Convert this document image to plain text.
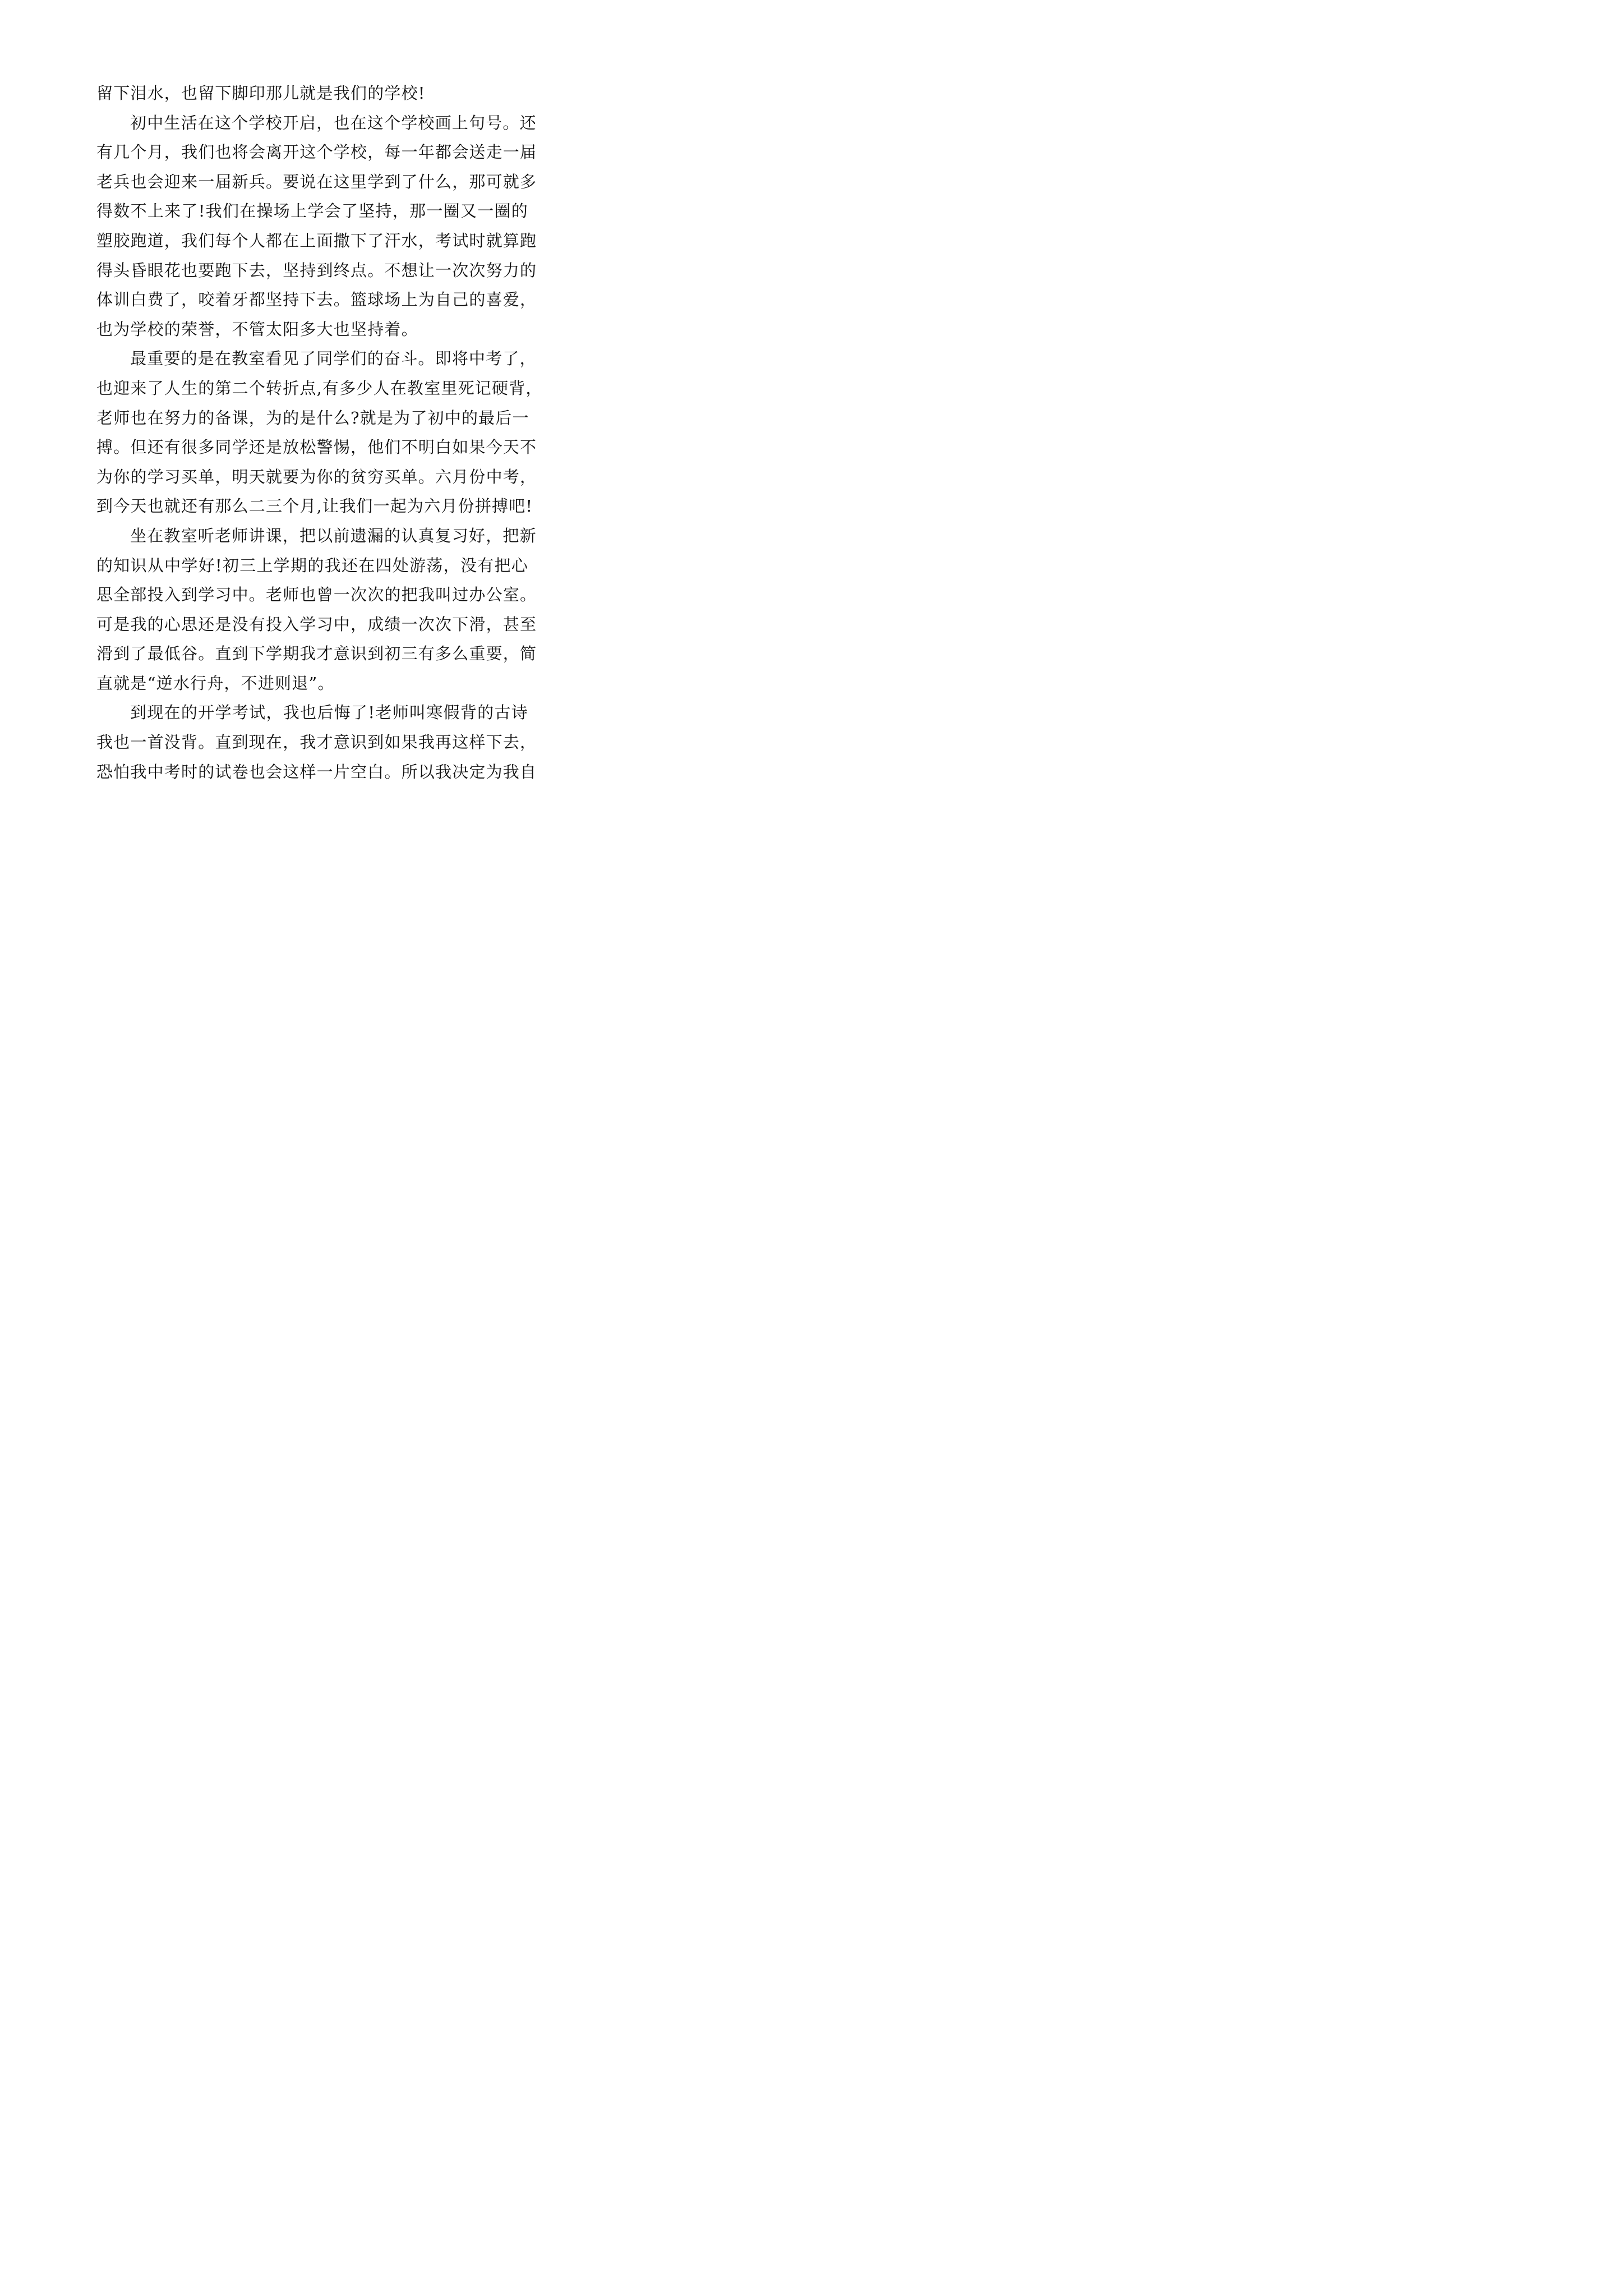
留下泪水，也留下脚印那儿就是我们的学校!
初中生活在这个学校开启，也在这个学校画上句号。还
有几个月，我们也将会离开这个学校，每一年都会送走一届
老兵也会迎来一届新兵。要说在这里学到了什么，那可就多
得数不上来了!我们在操场上学会了坚持，那一圈又一圈的
塑胶跑道，我们每个人都在上面撒下了汗水，考试时就算跑
得头昏眼花也要跑下去，坚持到终点。不想让一次次努力的
体训白费了，咬着牙都坚持下去。篮球场上为自己的喜爱，
也为学校的荣誉，不管太阳多大也坚持着。
最重要的是在教室看见了同学们的奋斗。即将中考了，
也迎来了人生的第二个转折点,有多少人在教室里死记硬背，
老师也在努力的备课，为的是什么?就是为了初中的最后一
搏。但还有很多同学还是放松警惕，他们不明白如果今天不
为你的学习买单，明天就要为你的贫穷买单。六月份中考，
到今天也就还有那么二三个月,让我们一起为六月份拼搏吧!
坐在教室听老师讲课，把以前遗漏的认真复习好，把新
的知识从中学好!初三上学期的我还在四处游荡，没有把心
思全部投入到学习中。老师也曾一次次的把我叫过办公室。
可是我的心思还是没有投入学习中，成绩一次次下滑，甚至
滑到了最低谷。直到下学期我才意识到初三有多么重要，简
直就是“逆水行舟，不进则退”。
到现在的开学考试，我也后悔了!老师叫寒假背的古诗
我也一首没背。直到现在，我才意识到如果我再这样下去，
恐怕我中考时的试卷也会这样一片空白。所以我决定为我自
